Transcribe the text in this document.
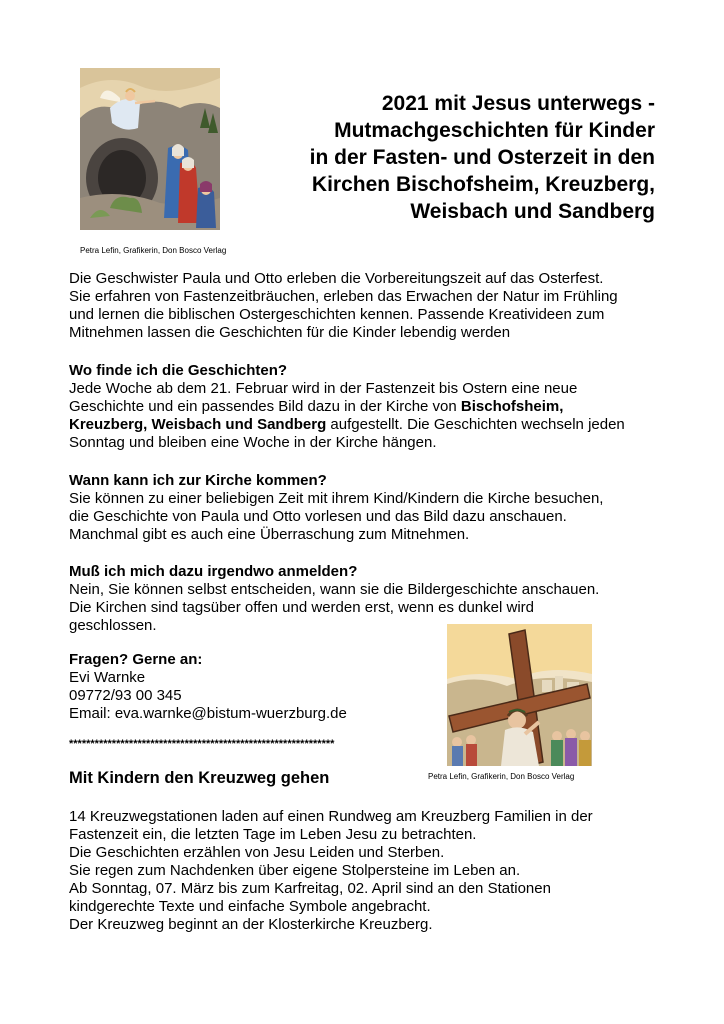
Petra Lefin, Grafikerin, Don Bosco Verlag
2021 mit Jesus unterwegs -
Mutmachgeschichten für Kinder
in der Fasten- und Osterzeit in den
Kirchen Bischofsheim, Kreuzberg,
Weisbach und Sandberg
Die Geschwister Paula und Otto erleben die Vorbereitungszeit auf das Osterfest.
Sie erfahren von Fastenzeitbräuchen, erleben das Erwachen der Natur im Frühling
und lernen die biblischen Ostergeschichten kennen. Passende Kreativideen zum
Mitnehmen lassen die Geschichten für die Kinder lebendig werden
Wo finde ich die Geschichten?
Jede Woche ab dem 21. Februar wird in der Fastenzeit bis Ostern eine neue
Geschichte und ein passendes Bild dazu in der Kirche von Bischofsheim,
Kreuzberg, Weisbach und Sandberg aufgestellt. Die Geschichten wechseln jeden
Sonntag und bleiben eine Woche in der Kirche hängen.
Wann kann ich zur Kirche kommen?
Sie können zu einer beliebigen Zeit mit ihrem Kind/Kindern die Kirche besuchen,
die Geschichte von Paula und Otto vorlesen und das Bild dazu anschauen.
Manchmal gibt es auch eine Überraschung zum Mitnehmen.
Muß ich mich dazu irgendwo anmelden?
Nein, Sie können selbst entscheiden, wann sie die Bildergeschichte anschauen.
Die Kirchen sind tagsüber offen und werden erst, wenn es dunkel wird
geschlossen.
Fragen? Gerne an:
Evi Warnke
09772/93 00 345
Email: eva.warnke@bistum-wuerzburg.de
**************************************************************
Petra Lefin, Grafikerin, Don Bosco Verlag
Mit Kindern den Kreuzweg gehen
14 Kreuzwegstationen laden auf einen Rundweg am Kreuzberg Familien in der
Fastenzeit ein, die letzten Tage im Leben Jesu zu betrachten.
Die Geschichten erzählen von Jesu Leiden und Sterben.
Sie regen zum Nachdenken über eigene Stolpersteine im Leben an.
Ab Sonntag, 07. März bis zum Karfreitag, 02. April sind an den Stationen
kindgerechte Texte und einfache Symbole angebracht.
Der Kreuzweg beginnt an der Klosterkirche Kreuzberg.
